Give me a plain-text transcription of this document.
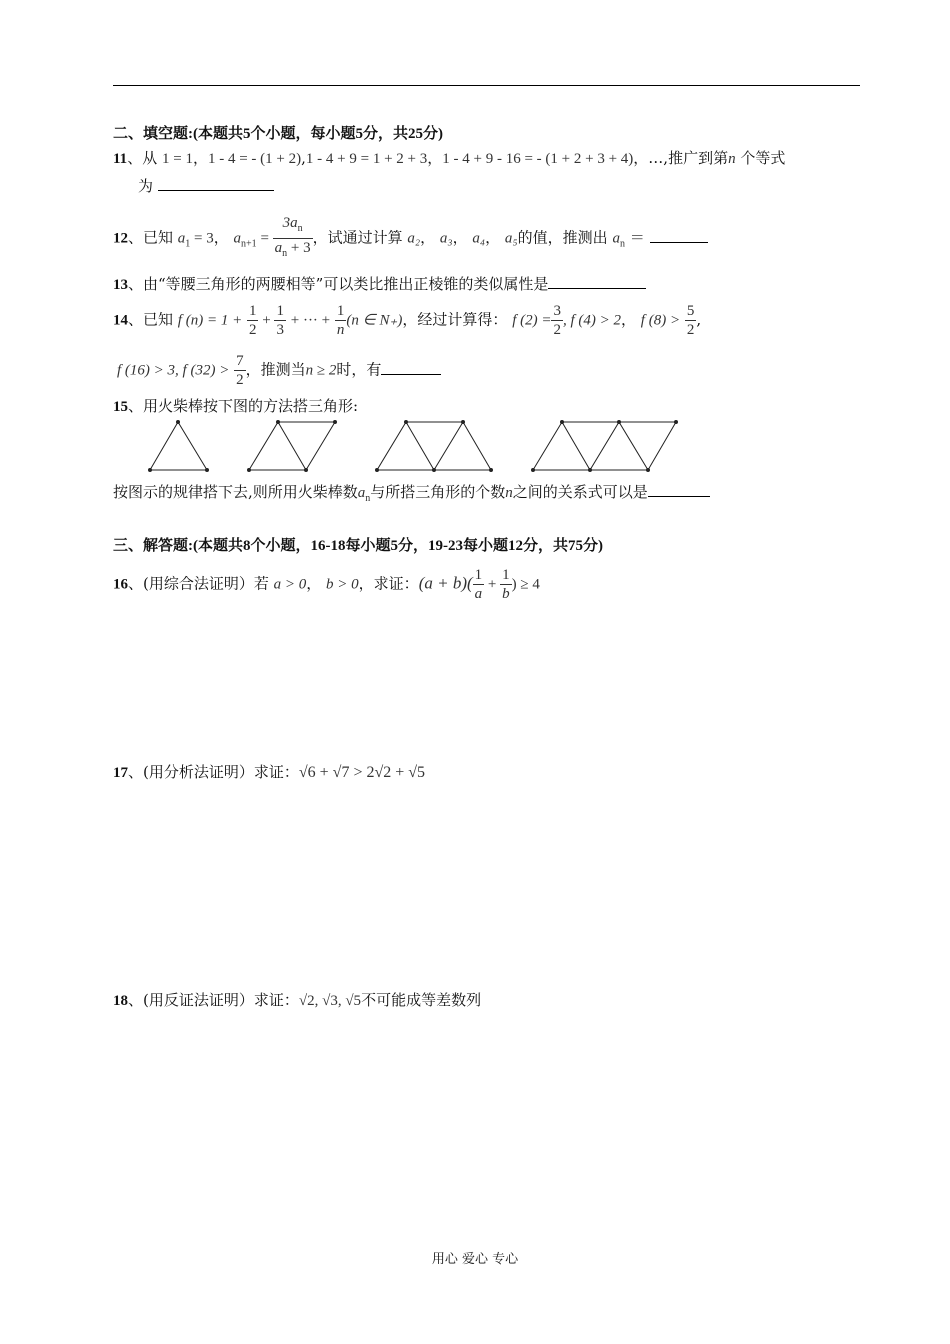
二、填空题:(本题共5个小题，每小题5分，共25分)
11、从 1 = 1，1 - 4 = - (1 + 2),1 - 4 + 9 = 1 + 2 + 3，1 - 4 + 9 - 16 = - (1 + 2 + 3 + 4)，…,推广到第n 个等式
为
12、已知 $a_1 = 3$， $a_{n+1} = \frac{3a_n}{a_n + 3}$ ，试通过计算 a₂， a₃， a₄， a₅的值，推测出 $a_n$ ＝
13、由“等腰三角形的两腰相等”可以类比推出正棱锥的类似属性是
14、已知 f $(n) = 1 + \frac{1}{2} + \frac{1}{3}$ + ··· + $\frac{1}{n} (n$ ∈ N₊)，经过计算得： f $(2) = \frac{3}{2}$ , f (4) > 2， f $(8) > \frac{5}{2}$ ,
f (16) > 3, f $(32) > \frac{7}{2}$ ，推测当n ≥ 2时，有
15、用火柴棒按下图的方法搭三角形:
按图示的规律搭下去,则所用火柴棒数$a_n$与所搭三角形的个数n之间的关系式可以是
三、解答题:(本题共8个小题，16-18每小题5分，19-23每小题12分，共75分)
16、(用综合法证明）若 a > 0， b > 0，求证：$(a + b)( \frac{1}{a} + \frac{1}{b}$ ) ≥ 4
17、(用分析法证明）求证：√6 + √7 > 2√2 + √5
18、(用反证法证明）求证：√2, √3, √5不可能成等差数列
用心 爱心 专心
